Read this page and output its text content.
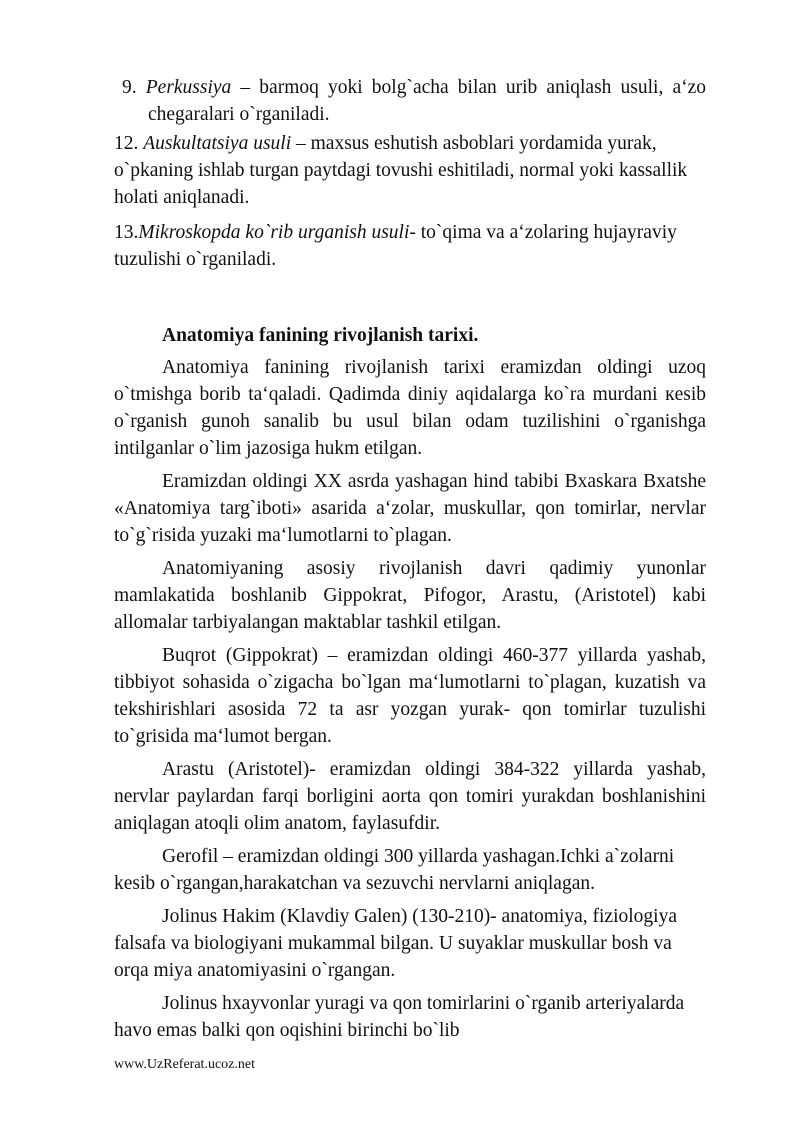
9. Perkussiya – barmoq yoki bolg`acha bilan urib aniqlash usuli, a‘zo chegaralari o`rganiladi.

12. Auskultatsiya usuli – maxsus eshutish asboblari yordamida yurak, o`pkaning ishlab turgan paytdagi tovushi eshitiladi, normal yoki kassallik holati aniqlanadi.

13.Mikroskopda ko`rib urganish usuli- to`qima va a‘zolaring hujayraviy tuzulishi o`rganiladi.

Anatomiya fanining rivojlanish tarixi.

Anatomiya fanining rivojlanish tarixi eramizdan oldingi uzoq o`tmishga borib ta‘qaladi. Qadimda diniy aqidalarga ko`ra murdani кesib o`rganish gunoh sanalib bu usul bilan odam tuzilishini o`rganishga intilganlar o`lim jazosiga hukm etilgan.

Eramizdan oldingi XX asrda yashagan hind tabibi Bxaskara Bxatshe «Anatomiya targ`iboti» asarida a‘zolar, muskullar, qon tomirlar, nervlar to`g`risida yuzaki ma‘lumotlarni to`plagan.

Anatomiyaning asosiy rivojlanish davri qadimiy yunonlar mamlakatida boshlanib Gippokrat, Pifogor, Arastu, (Aristotel) kabi allomalar tarbiyalangan maktablar tashkil etilgan.

Buqrot (Gippokrat) – eramizdan oldingi 460-377 yillarda yashab, tibbiyot sohasida o`zigacha bo`lgan ma‘lumotlarni to`plagan, kuzatish va tekshirishlari asosida 72 ta asr yozgan yurak- qon tomirlar tuzulishi to`grisida ma‘lumot bergan.

Arastu (Aristotel)- eramizdan oldingi 384-322 yillarda yashab, nervlar paylardan farqi borligini aorta qon tomiri yurakdan boshlanishini aniqlagan atoqli olim anatom, faylasufdir.

Gerofil – eramizdan oldingi 300 yillarda yashagan.Ichki a`zolarni kesib o`rgangan,harakatchan va sezuvchi nervlarni aniqlagan.

Jolinus Hakim (Klavdiy Galen) (130-210)- anatomiya, fiziologiya falsafa va biologiyani mukammal bilgan. U suyaklar muskullar bosh va orqa miya anatomiyasini o`rgangan.

Jolinus hxayvonlar yuragi va qon tomirlarini o`rganib arteriyalarda havo emas balki qon oqishini birinchi bo`lib

www.UzReferat.ucoz.net
